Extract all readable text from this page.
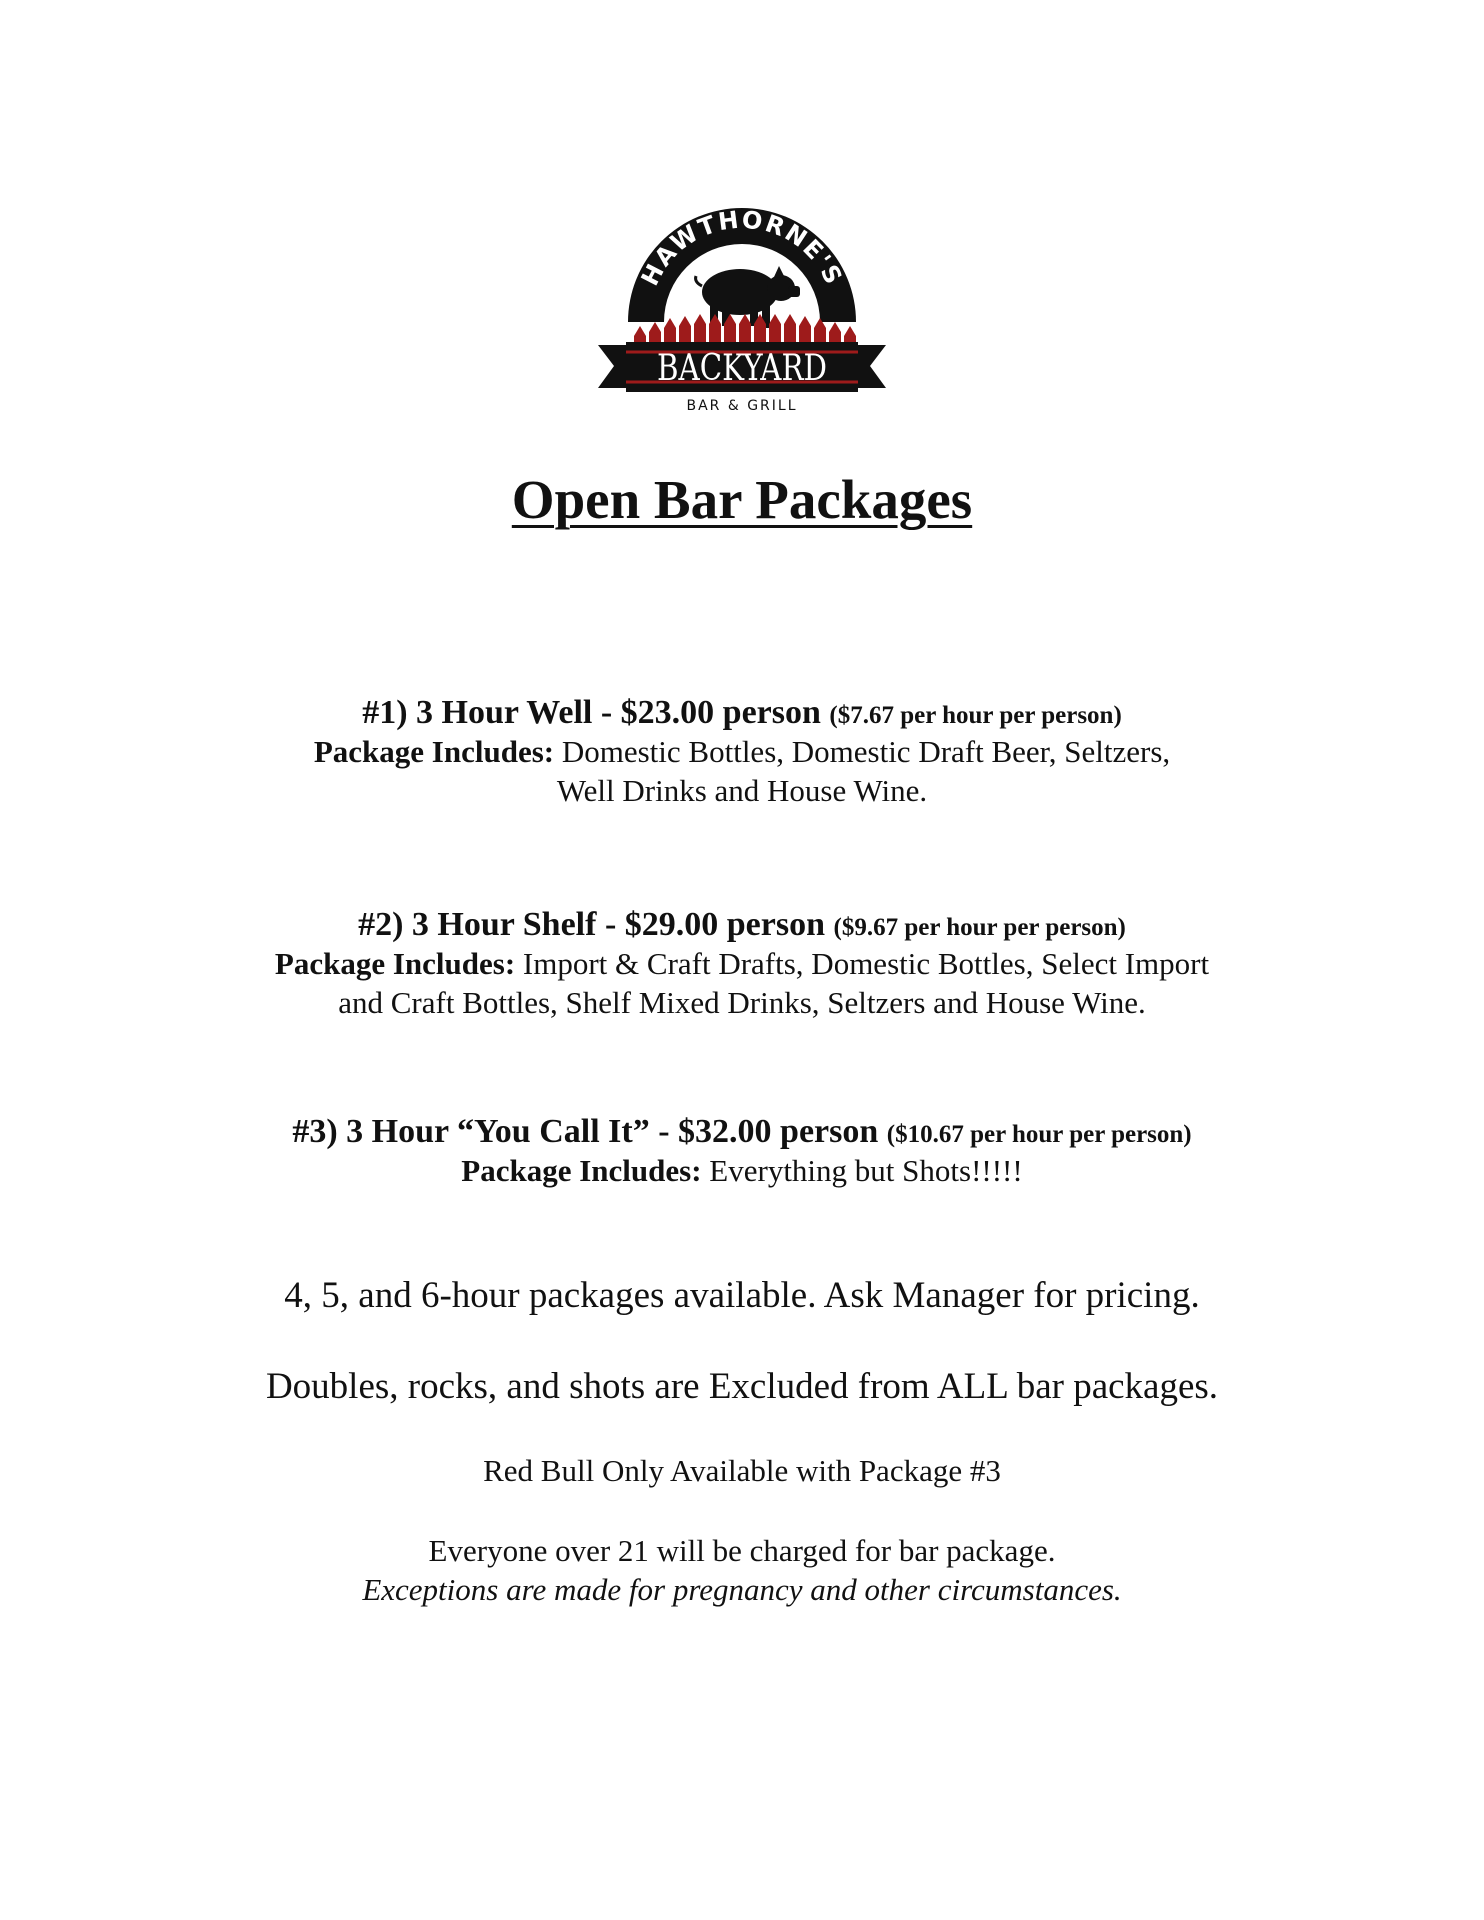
HAWTHORNE'S
BACKYARD
BAR & GRILL
Open Bar Packages

#1) 3 Hour Well - $23.00 person ($7.67 per hour per person)

Package Includes: Domestic Bottles, Domestic Draft Beer, Seltzers,

Well Drinks and House Wine.

#2) 3 Hour Shelf - $29.00 person ($9.67 per hour per person)

Package Includes: Import & Craft Drafts, Domestic Bottles, Select Import

and Craft Bottles, Shelf Mixed Drinks, Seltzers and House Wine.

#3) 3 Hour “You Call It” - $32.00 person ($10.67 per hour per person)

Package Includes: Everything but Shots!!!!!

4, 5, and 6-hour packages available. Ask Manager for pricing.

Doubles, rocks, and shots are Excluded from ALL bar packages.

Red Bull Only Available with Package #3

Everyone over 21 will be charged for bar package.

Exceptions are made for pregnancy and other circumstances.
